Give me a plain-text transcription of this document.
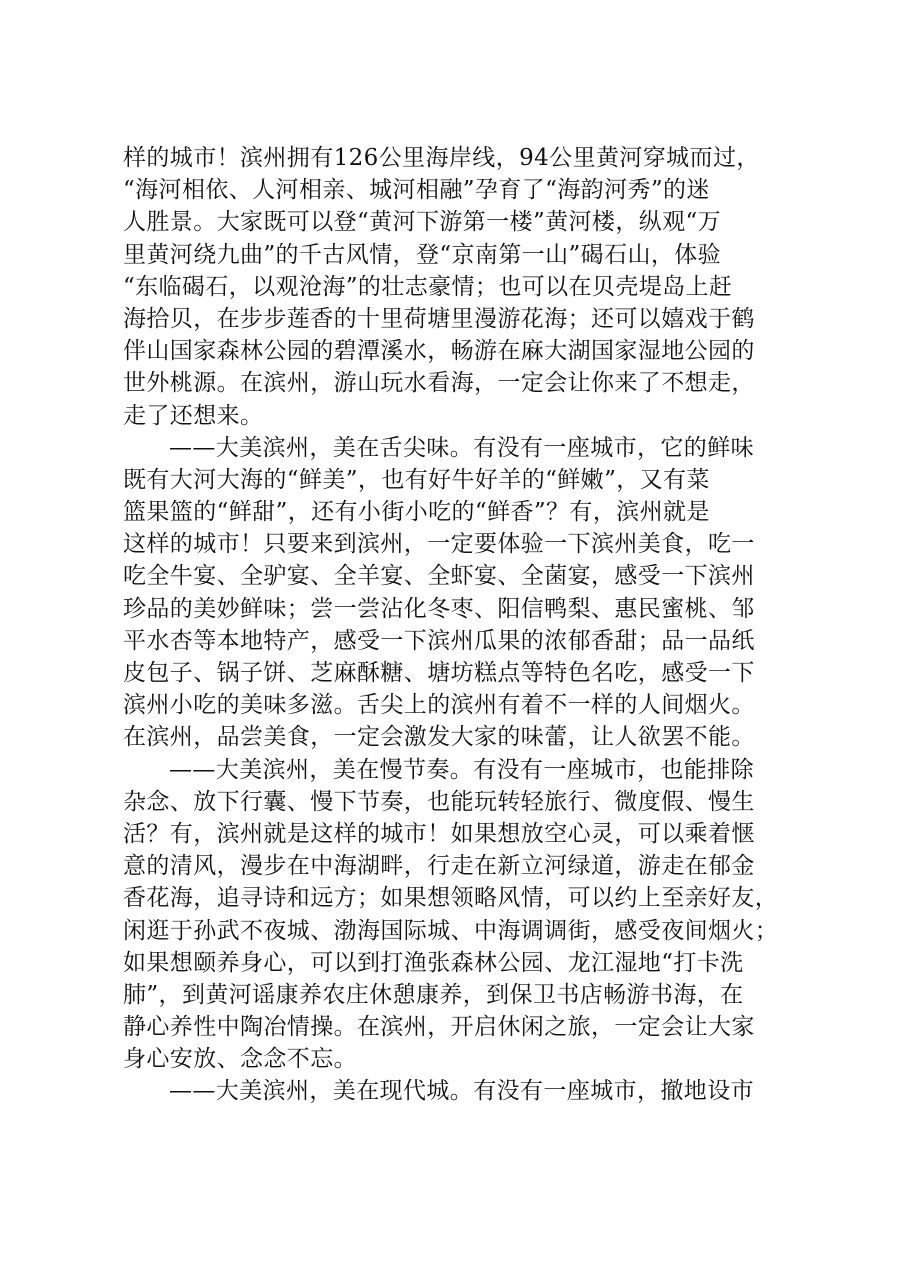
样的城市！滨州拥有126公里海岸线，94公里黄河穿城而过，
“海河相依、人河相亲、城河相融”孕育了“海韵河秀”的迷
人胜景。大家既可以登“黄河下游第一楼”黄河楼，纵观“万
里黄河绕九曲”的千古风情，登“京南第一山”碣石山，体验
“东临碣石，以观沧海”的壮志豪情；也可以在贝壳堤岛上赶
海拾贝，在步步莲香的十里荷塘里漫游花海；还可以嬉戏于鹤
伴山国家森林公园的碧潭溪水，畅游在麻大湖国家湿地公园的
世外桃源。在滨州，游山玩水看海，一定会让你来了不想走，
走了还想来。
——大美滨州，美在舌尖味。有没有一座城市，它的鲜味
既有大河大海的“鲜美”，也有好牛好羊的“鲜嫩”，又有菜
篮果篮的“鲜甜”，还有小街小吃的“鲜香”？有，滨州就是
这样的城市！只要来到滨州，一定要体验一下滨州美食，吃一
吃全牛宴、全驴宴、全羊宴、全虾宴、全菌宴，感受一下滨州
珍品的美妙鲜味；尝一尝沾化冬枣、阳信鸭梨、惠民蜜桃、邹
平水杏等本地特产，感受一下滨州瓜果的浓郁香甜；品一品纸
皮包子、锅子饼、芝麻酥糖、塘坊糕点等特色名吃，感受一下
滨州小吃的美味多滋。舌尖上的滨州有着不一样的人间烟火。
在滨州，品尝美食，一定会激发大家的味蕾，让人欲罢不能。
——大美滨州，美在慢节奏。有没有一座城市，也能排除
杂念、放下行囊、慢下节奏，也能玩转轻旅行、微度假、慢生
活？有，滨州就是这样的城市！如果想放空心灵，可以乘着惬
意的清风，漫步在中海湖畔，行走在新立河绿道，游走在郁金
香花海，追寻诗和远方；如果想领略风情，可以约上至亲好友，
闲逛于孙武不夜城、渤海国际城、中海调调街，感受夜间烟火；
如果想颐养身心，可以到打渔张森林公园、龙江湿地“打卡洗
肺”，到黄河谣康养农庄休憩康养，到保卫书店畅游书海，在
静心养性中陶冶情操。在滨州，开启休闲之旅，一定会让大家
身心安放、念念不忘。
——大美滨州，美在现代城。有没有一座城市，撤地设市
